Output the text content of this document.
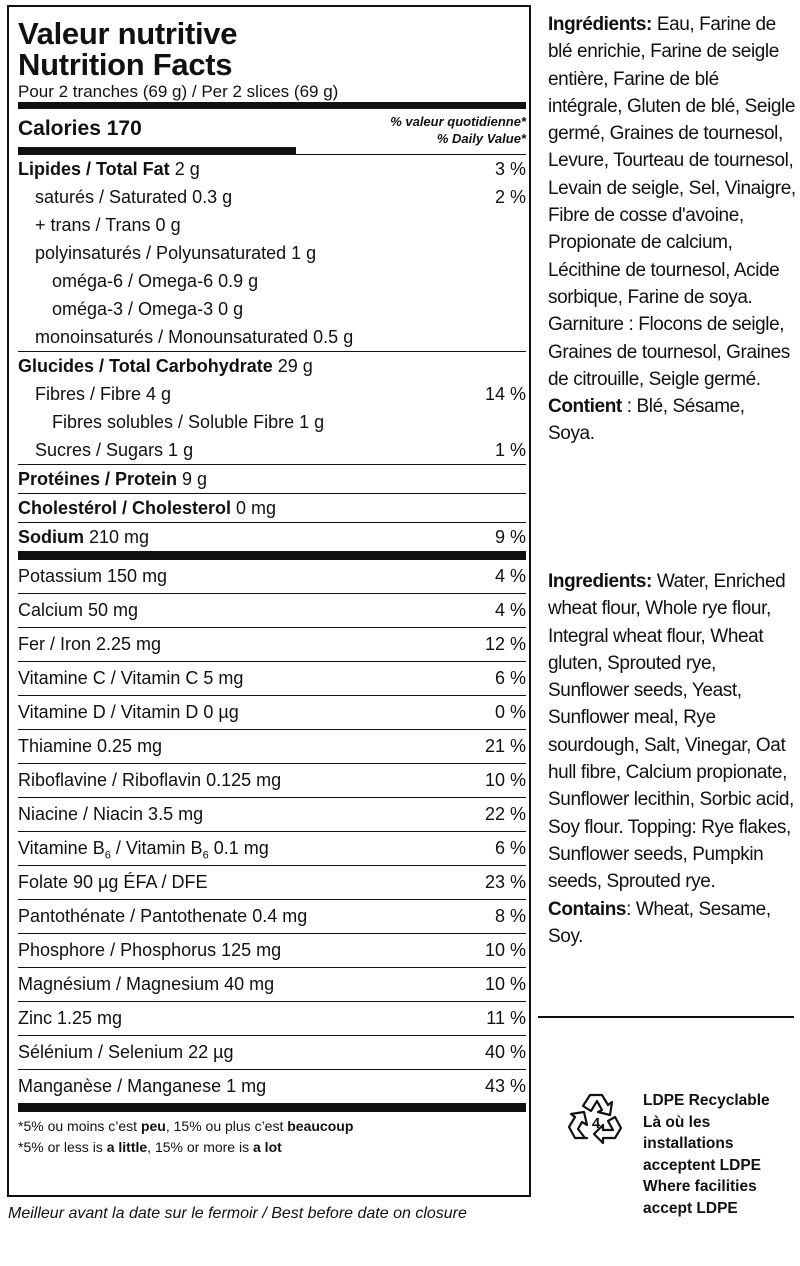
Valeur nutritive
Nutrition Facts
Pour 2 tranches (69 g) / Per 2 slices (69 g)
Calories 170	% valeur quotidienne*
% Daily Value*
Lipides / Total Fat 2 g	3 %
saturés / Saturated 0.3 g	2 %
+ trans / Trans 0 g
polyinsaturés / Polyunsaturated 1 g
oméga-6 / Omega-6 0.9 g
oméga-3 / Omega-3 0 g
monoinsaturés / Monounsaturated 0.5 g
Glucides / Total Carbohydrate 29 g
Fibres / Fibre 4 g	14 %
Fibres solubles / Soluble Fibre 1 g
Sucres / Sugars 1 g	1 %
Protéines / Protein 9 g
Cholestérol / Cholesterol 0 mg
Sodium 210 mg	9 %
Potassium 150 mg	4 %
Calcium 50 mg	4 %
Fer / Iron 2.25 mg	12 %
Vitamine C / Vitamin C 5 mg	6 %
Vitamine D / Vitamin D 0 µg	0 %
Thiamine 0.25 mg	21 %
Riboflavine / Riboflavin 0.125 mg	10 %
Niacine / Niacin 3.5 mg	22 %
Vitamine $B_6$ / Vitamin $B_6$ 0.1 mg	6 %
Folate 90 µg ÉFA / DFE	23 %
Pantothénate / Pantothenate 0.4 mg	8 %
Phosphore / Phosphorus 125 mg	10 %
Magnésium / Magnesium 40 mg	10 %
Zinc 1.25 mg	11 %
Sélénium / Selenium 22 µg	40 %
Manganèse / Manganese 1 mg	43 %
*5% ou moins c’est peu, 15% ou plus c’est beaucoup
*5% or less is a little, 15% or more is a lot
Meilleur avant la date sur le fermoir / Best before date on closure
Ingrédients: Eau, Farine de blé enrichie, Farine de seigle entière, Farine de blé intégrale, Gluten de blé, Seigle germé, Graines de tournesol, Levure, Tourteau de tournesol, Levain de seigle, Sel, Vinaigre, Fibre de cosse d'avoine, Propionate de calcium, Lécithine de tournesol, Acide sorbique, Farine de soya. Garniture : Flocons de seigle, Graines de tournesol, Graines de citrouille, Seigle germé.
Contient : Blé, Sésame, Soya.
Ingredients: Water, Enriched wheat flour, Whole rye flour, Integral wheat flour, Wheat gluten, Sprouted rye, Sunflower seeds, Yeast, Sunflower meal, Rye sourdough, Salt, Vinegar, Oat hull fibre, Calcium propionate, Sunflower lecithin, Sorbic acid, Soy flour. Topping: Rye flakes, Sunflower seeds, Pumpkin seeds, Sprouted rye.
Contains: Wheat, Sesame, Soy.
4
LDPE Recyclable
Là où les
installations
acceptent LDPE
Where facilities
accept LDPE
